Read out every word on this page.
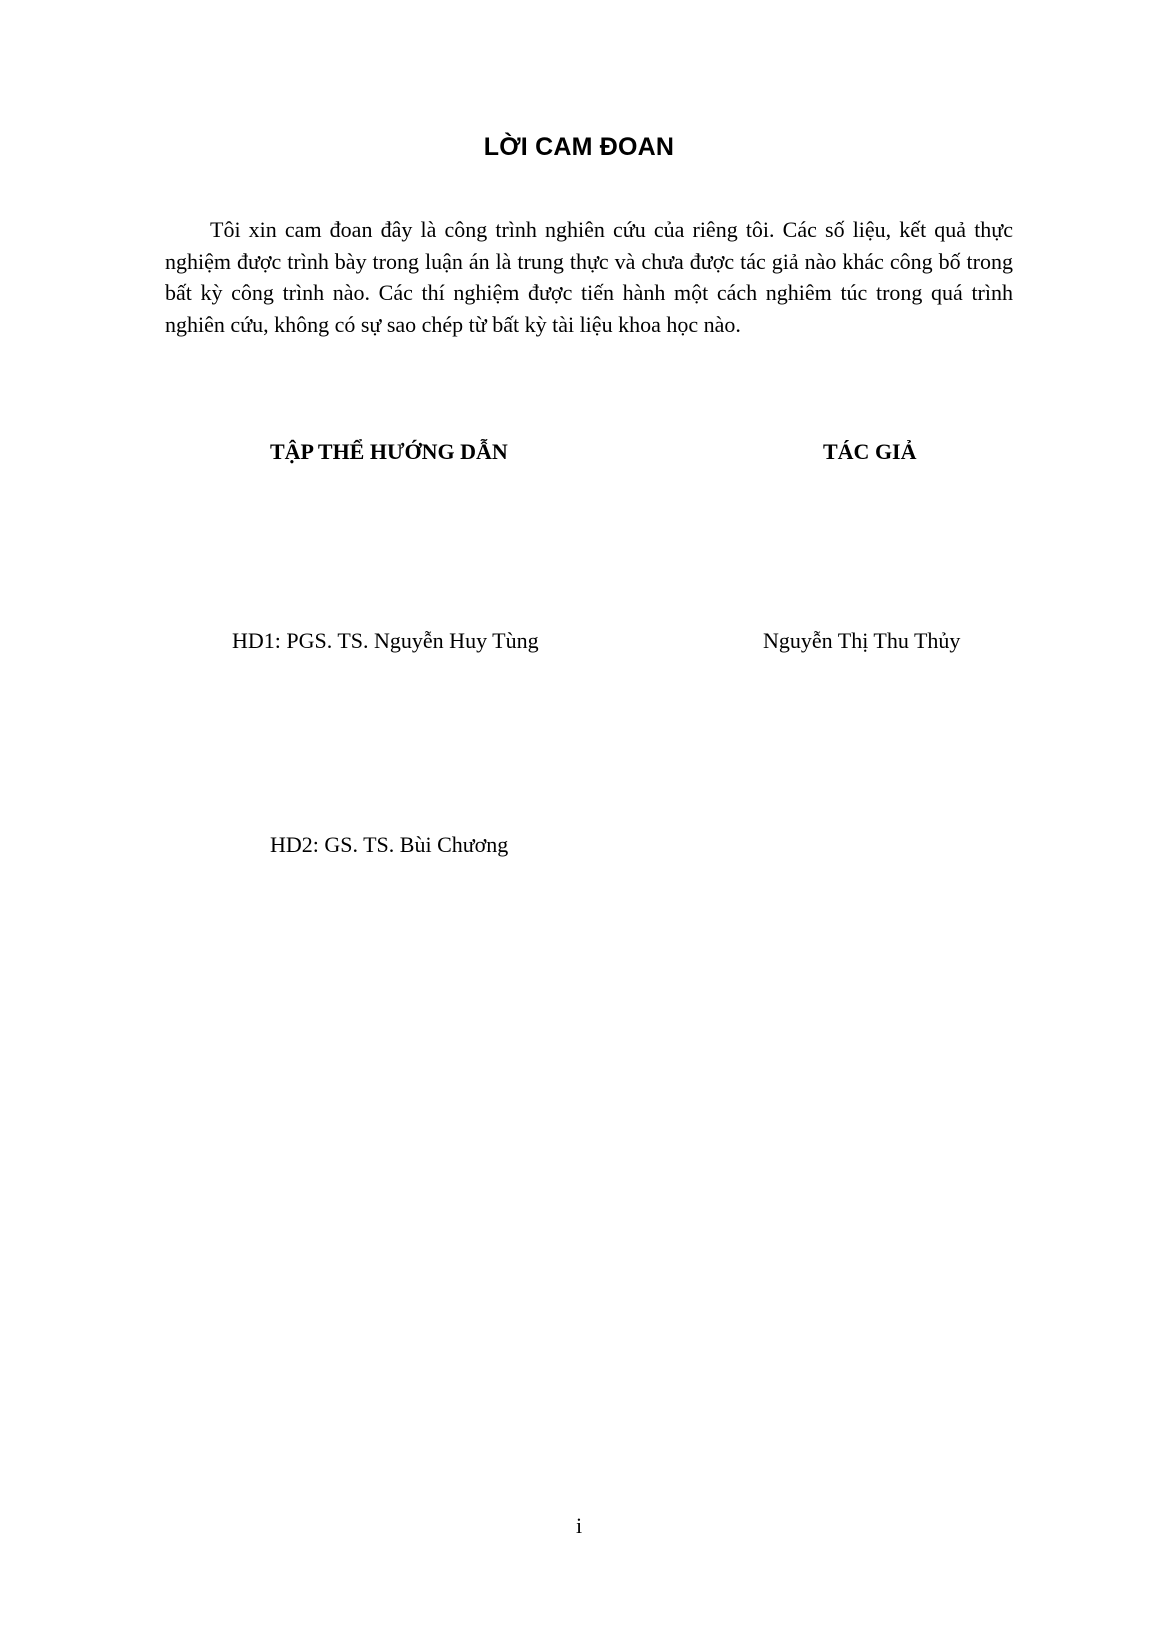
LỜI CAM ĐOAN

Tôi xin cam đoan đây là công trình nghiên cứu của riêng tôi. Các số liệu, kết quả thực nghiệm được trình bày trong luận án là trung thực và chưa được tác giả nào khác công bố trong bất kỳ công trình nào. Các thí nghiệm được tiến hành một cách nghiêm túc trong quá trình nghiên cứu, không có sự sao chép từ bất kỳ tài liệu khoa học nào.

TẬP THỂ HƯỚNG DẪN	TÁC GIẢ

HD1: PGS. TS. Nguyễn Huy Tùng	Nguyễn Thị Thu Thủy

HD2: GS. TS. Bùi Chương

i
